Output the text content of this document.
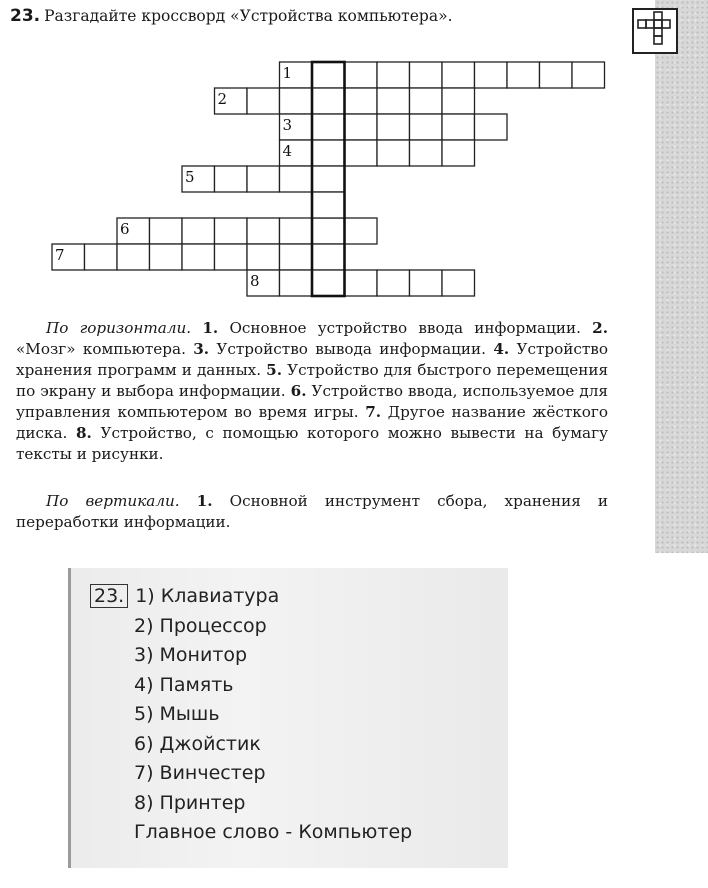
23. Разгадайте кроссворд «Устройства компьютера».
1
2
3
4
5
6
7
8

По горизонтали. 1. Основное устройство ввода информации. 2. «Мозг» компьютера. 3. Устройство вывода информации. 4. Устройство хранения программ и данных. 5. Устройство для быстрого перемещения по экрану и выбора информации. 6. Устройство ввода, используемое для управления компьютером во время игры. 7. Другое название жёсткого диска. 8. Устройство, с помощью которого можно вывести на бумагу тексты и рисунки.

По вертикали. 1. Основной инструмент сбора, хранения и переработки информации.

23. 1) Клавиатура
2) Процессор
3) Монитор
4) Память
5) Мышь
6) Джойстик
7) Винчестер
8) Принтер
Главное слово - Компьютер
